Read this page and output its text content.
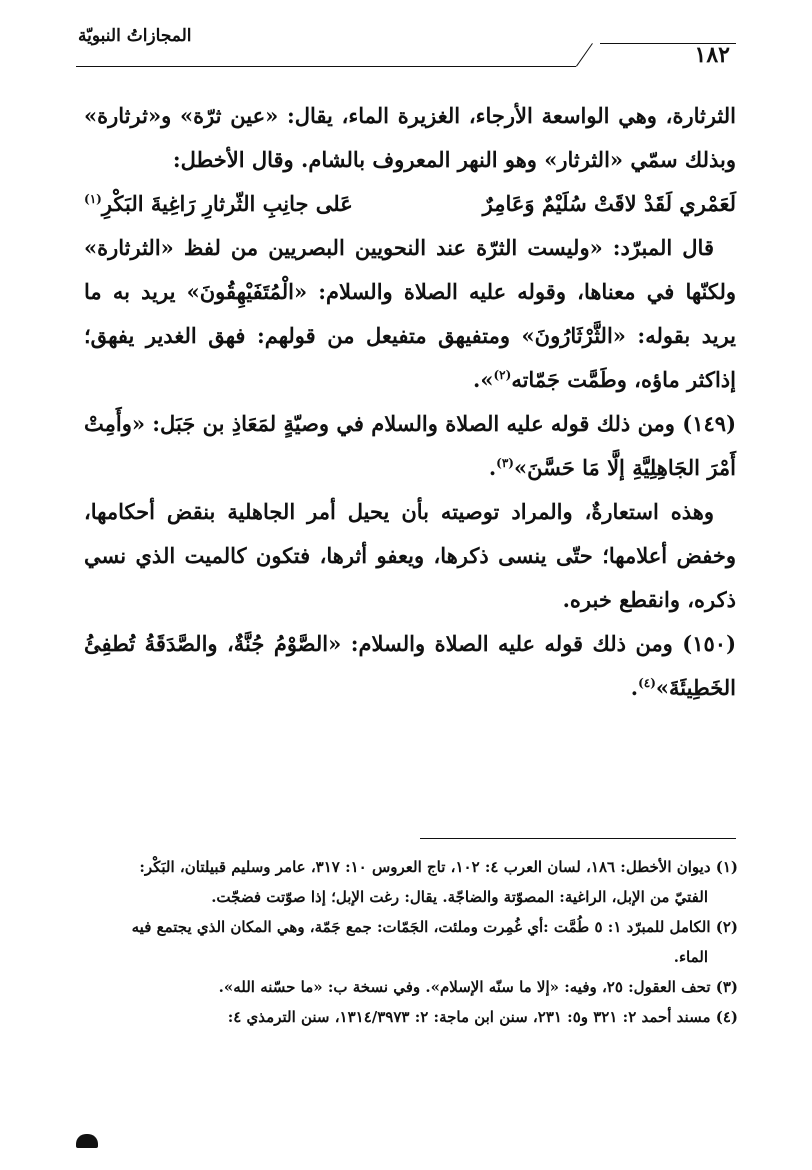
١٨٢
المجازاتُ النبويّة

الثرثارة، وهي الواسعة الأرجاء، الغزيرة الماء، يقال: «عين ثرّة» و«ثرثارة» وبذلك سمّي «الثرثار» وهو النهر المعروف بالشام. وقال الأخطل:

لَعَمْري لَقَدْ لاقَتْ سُلَيْمٌ وَعَامِرٌ
عَلى جانِبِ الثّرثارِ رَاغِيةَ البَكْرِ$^{(١)}$

قال المبرّد: «وليست الثرّة عند النحويين البصريين من لفظ «الثرثارة» ولكنّها في معناها، وقوله عليه الصلاة والسلام: «الْمُتَفَيْهِقُونَ» يريد به ما يريد بقوله: «الثَّرْثَارُونَ» ومتفيهق متفيعل من قولهم: فهق الغدير يفهق؛ إذاكثر ماؤه، وطَمَّت جَمّاته$^{(٢)}$».

(١٤٩) ومن ذلك قوله عليه الصلاة والسلام في وصيّةٍ لمَعَاذِ بن جَبَل: «وأَمِتْ أَمْرَ الجَاهِلِيَّةِ إلَّا مَا حَسَّنَ»$^{(٣)}$.

وهذه استعارةٌ، والمراد توصيته بأن يحيل أمر الجاهلية بنقض أحكامها، وخفض أعلامها؛ حتّى ينسى ذكرها، ويعفو أثرها، فتكون كالميت الذي نسي ذكره، وانقطع خبره.

(١٥٠) ومن ذلك قوله عليه الصلاة والسلام: «الصَّوْمُ جُنَّةٌ، والصَّدَقَةُ تُطفِئُ الخَطِيئَةَ»$^{(٤)}$.

(١) ديوان الأخطل: ١٨٦، لسان العرب ٤: ١٠٢، تاج العروس ١٠: ٣١٧، عامر وسليم قبيلتان، البَكْر:

الفتيّ من الإبل، الراغية: المصوّتة والضاجّة. يقال: رغت الإبل؛ إذا صوّتت فضجّت.

(٢) الكامل للمبرّد ١: ٥ طُمَّت :أي غُمِرت وملئت، الجَمّات: جمع جَمّة، وهي المكان الذي يجتمع فيه

الماء.

(٣) تحف العقول: ٢٥، وفيه: «إلا ما سنّه الإسلام». وفي نسخة ب: «ما حسّنه الله».

(٤) مسند أحمد ٢: ٣٢١ و٥: ٢٣١، سنن ابن ماجة: ٢: ١٣١٤/٣٩٧٣، سنن الترمذي ٤:
